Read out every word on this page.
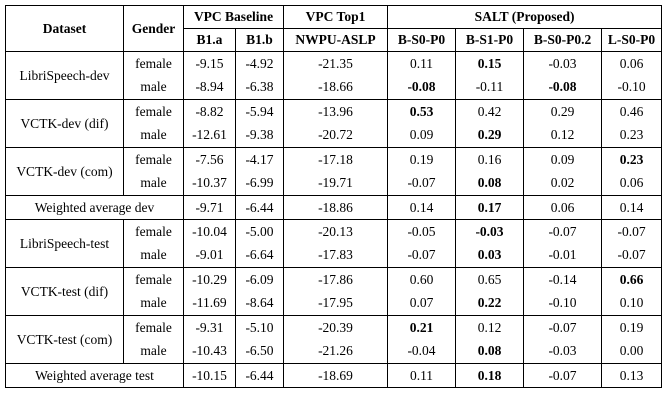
Dataset	Gender	VPC Baseline		VPC Top1	SALT (Proposed)			
		B1.a	B1.b	NWPU-ASLP	B-S0-P0	B-S1-P0	B-S0-P0.2	L-S0-P0
LibriSpeech-dev	female	-9.15	-4.92	-21.35	0.11	0.15	-0.03	0.06
	male	-8.94	-6.38	-18.66	-0.08	-0.11	-0.08	-0.10
VCTK-dev (dif)	female	-8.82	-5.94	-13.96	0.53	0.42	0.29	0.46
	male	-12.61	-9.38	-20.72	0.09	0.29	0.12	0.23
VCTK-dev (com)	female	-7.56	-4.17	-17.18	0.19	0.16	0.09	0.23
	male	-10.37	-6.99	-19.71	-0.07	0.08	0.02	0.06
Weighted average dev		-9.71	-6.44	-18.86	0.14	0.17	0.06	0.14
LibriSpeech-test	female	-10.04	-5.00	-20.13	-0.05	-0.03	-0.07	-0.07
	male	-9.01	-6.64	-17.83	-0.07	0.03	-0.01	-0.07
VCTK-test (dif)	female	-10.29	-6.09	-17.86	0.60	0.65	-0.14	0.66
	male	-11.69	-8.64	-17.95	0.07	0.22	-0.10	0.10
VCTK-test (com)	female	-9.31	-5.10	-20.39	0.21	0.12	-0.07	0.19
	male	-10.43	-6.50	-21.26	-0.04	0.08	-0.03	0.00
Weighted average test		-10.15	-6.44	-18.69	0.11	0.18	-0.07	0.13
